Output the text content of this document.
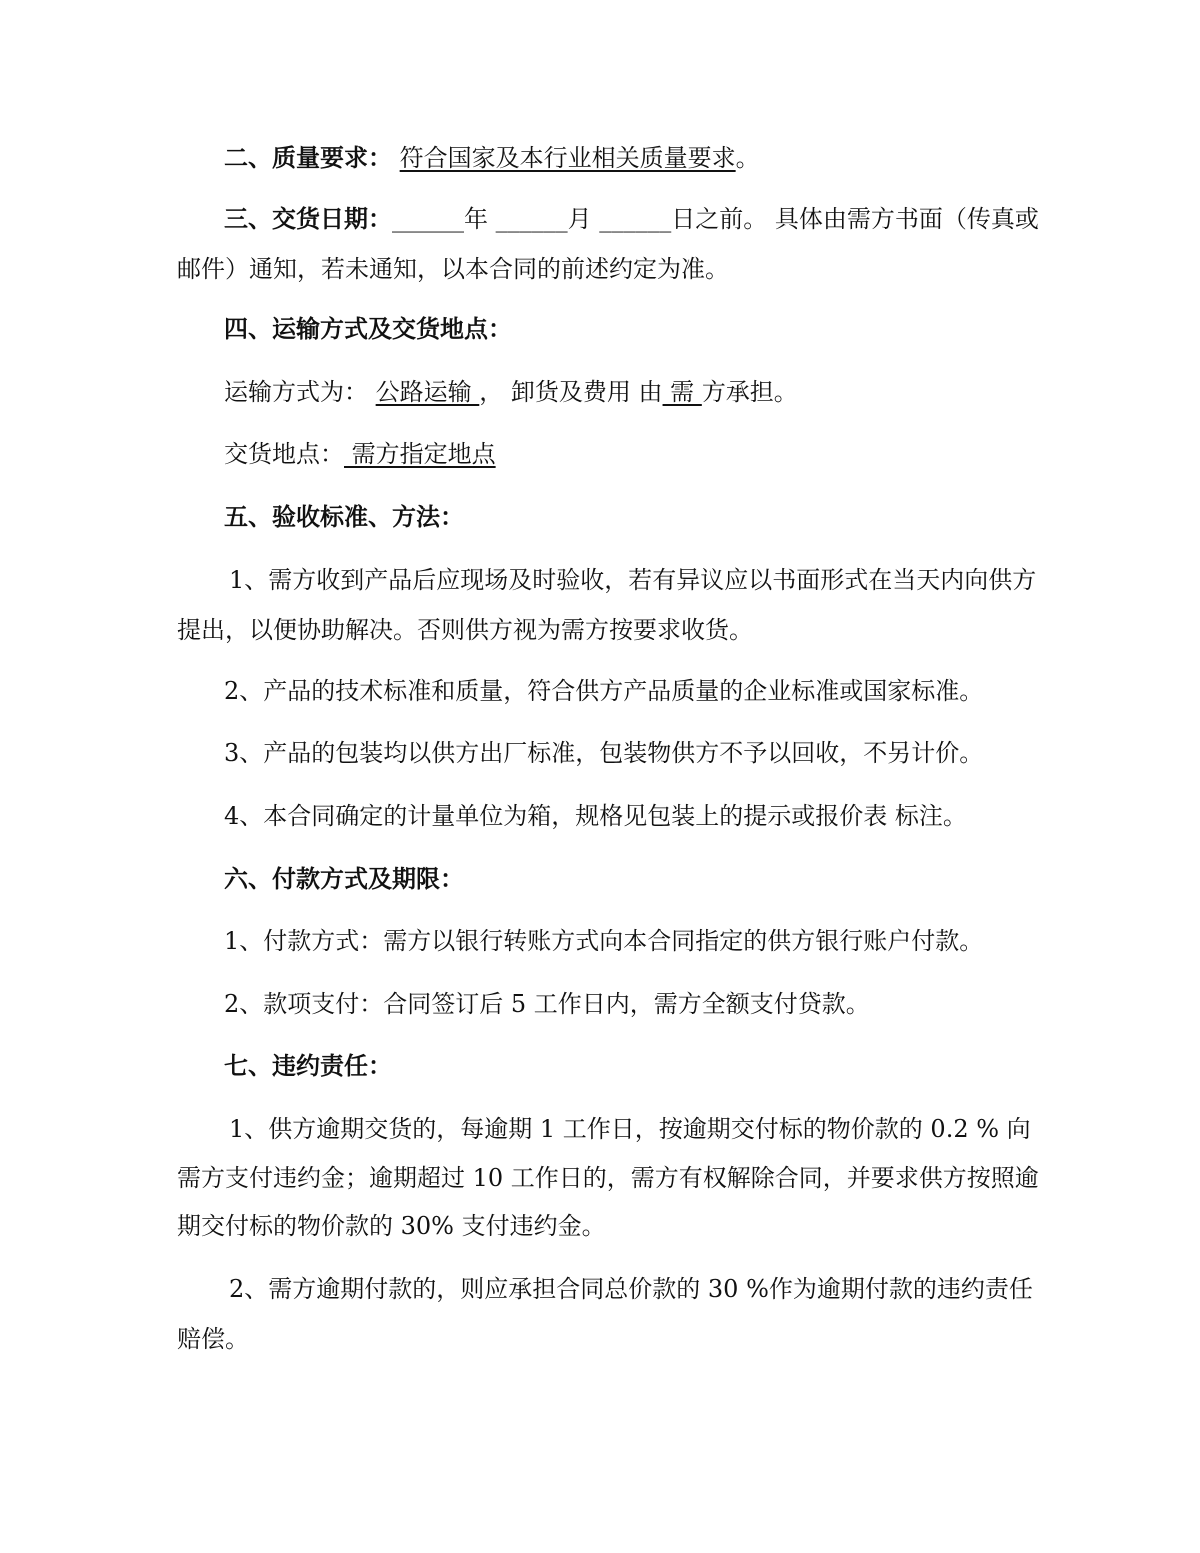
二、质量要求： 符合国家及本行业相关质量要求。
三、交货日期：______年 ______月 ______日之前。 具体由需方书面（传真或
邮件）通知，若未通知，以本合同的前述约定为准。
四、运输方式及交货地点：
运输方式为： 公路运输 ， 卸货及费用 由 需 方承担。
交货地点： 需方指定地点
五、验收标准、方法：
1、需方收到产品后应现场及时验收，若有异议应以书面形式在当天内向供方
提出，以便协助解决。否则供方视为需方按要求收货。
2、产品的技术标准和质量，符合供方产品质量的企业标准或国家标准。
3、产品的包装均以供方出厂标准，包装物供方不予以回收，不另计价。
4、本合同确定的计量单位为箱，规格见包装上的提示或报价表 标注。
六、付款方式及期限：
1、付款方式：需方以银行转账方式向本合同指定的供方银行账户付款。
2、款项支付：合同签订后 5 工作日内，需方全额支付贷款。
七、违约责任：
1、供方逾期交货的，每逾期 1 工作日，按逾期交付标的物价款的 0.2 % 向
需方支付违约金；逾期超过 10 工作日的，需方有权解除合同，并要求供方按照逾
期交付标的物价款的 30% 支付违约金。
2、需方逾期付款的，则应承担合同总价款的 30 %作为逾期付款的违约责任
赔偿。
